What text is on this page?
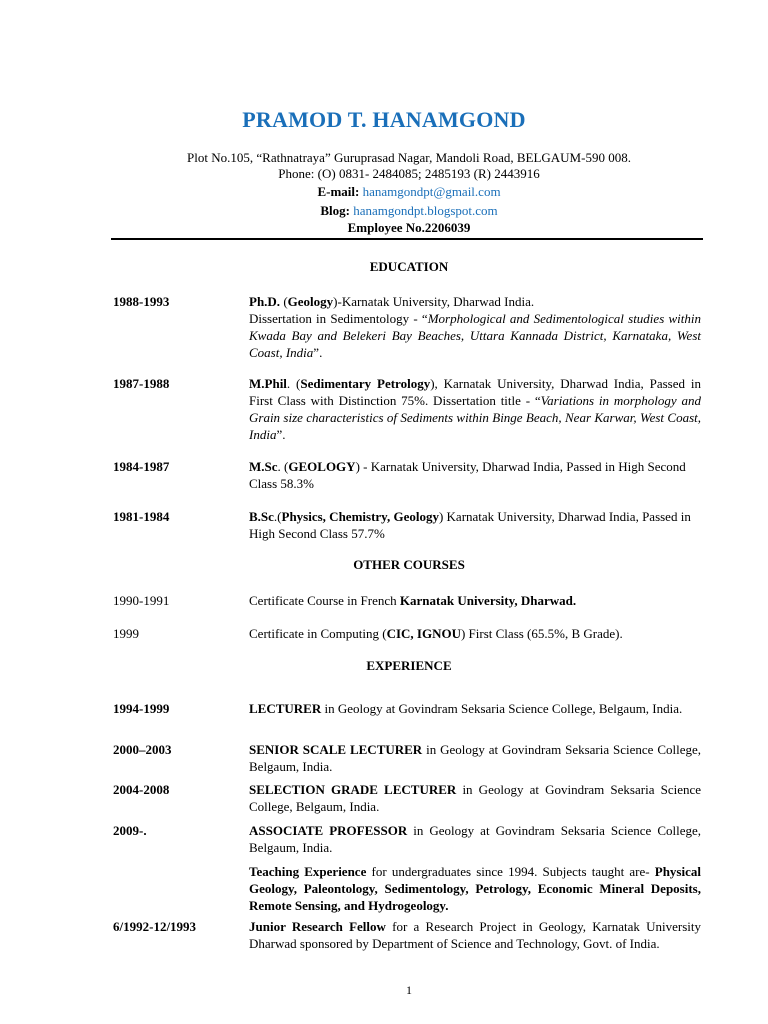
PRAMOD T. HANAMGOND
Plot No.105, “Rathnatraya” Guruprasad Nagar, Mandoli Road, BELGAUM-590 008.
Phone: (O) 0831- 2484085; 2485193 (R) 2443916
E-mail: hanamgondpt@gmail.com
Blog: hanamgondpt.blogspot.com
Employee No.2206039
EDUCATION
1988-1993	Ph.D. (Geology)-Karnatak University, Dharwad India.
Dissertation in Sedimentology - “Morphological and Sedimentological studies within Kwada Bay and Belekeri Bay Beaches, Uttara Kannada District, Karnataka, West Coast, India”.
1987-1988	M.Phil. (Sedimentary Petrology), Karnatak University, Dharwad India, Passed in First Class with Distinction 75%. Dissertation title - “Variations in morphology and Grain size characteristics of Sediments within Binge Beach, Near Karwar, West Coast, India”.
1984-1987	M.Sc. (GEOLOGY) - Karnatak University, Dharwad India, Passed in High Second Class 58.3%
1981-1984	B.Sc.(Physics, Chemistry, Geology) Karnatak University, Dharwad India, Passed in High Second Class 57.7%
OTHER COURSES
1990-1991	Certificate Course in French Karnatak University, Dharwad.
1999	Certificate in Computing (CIC, IGNOU) First Class (65.5%, B Grade).
EXPERIENCE
1994-1999	LECTURER in Geology at Govindram Seksaria Science College, Belgaum, India.
2000–2003	SENIOR SCALE LECTURER in Geology at Govindram Seksaria Science College, Belgaum, India.
2004-2008	SELECTION GRADE LECTURER in Geology at Govindram Seksaria Science College, Belgaum, India.
2009-.	ASSOCIATE PROFESSOR in Geology at Govindram Seksaria Science College, Belgaum, India.
Teaching Experience for undergraduates since 1994. Subjects taught are- Physical Geology, Paleontology, Sedimentology, Petrology, Economic Mineral Deposits, Remote Sensing, and Hydrogeology.
6/1992-12/1993	Junior Research Fellow for a Research Project in Geology, Karnatak University Dharwad sponsored by Department of Science and Technology, Govt. of India.
1
